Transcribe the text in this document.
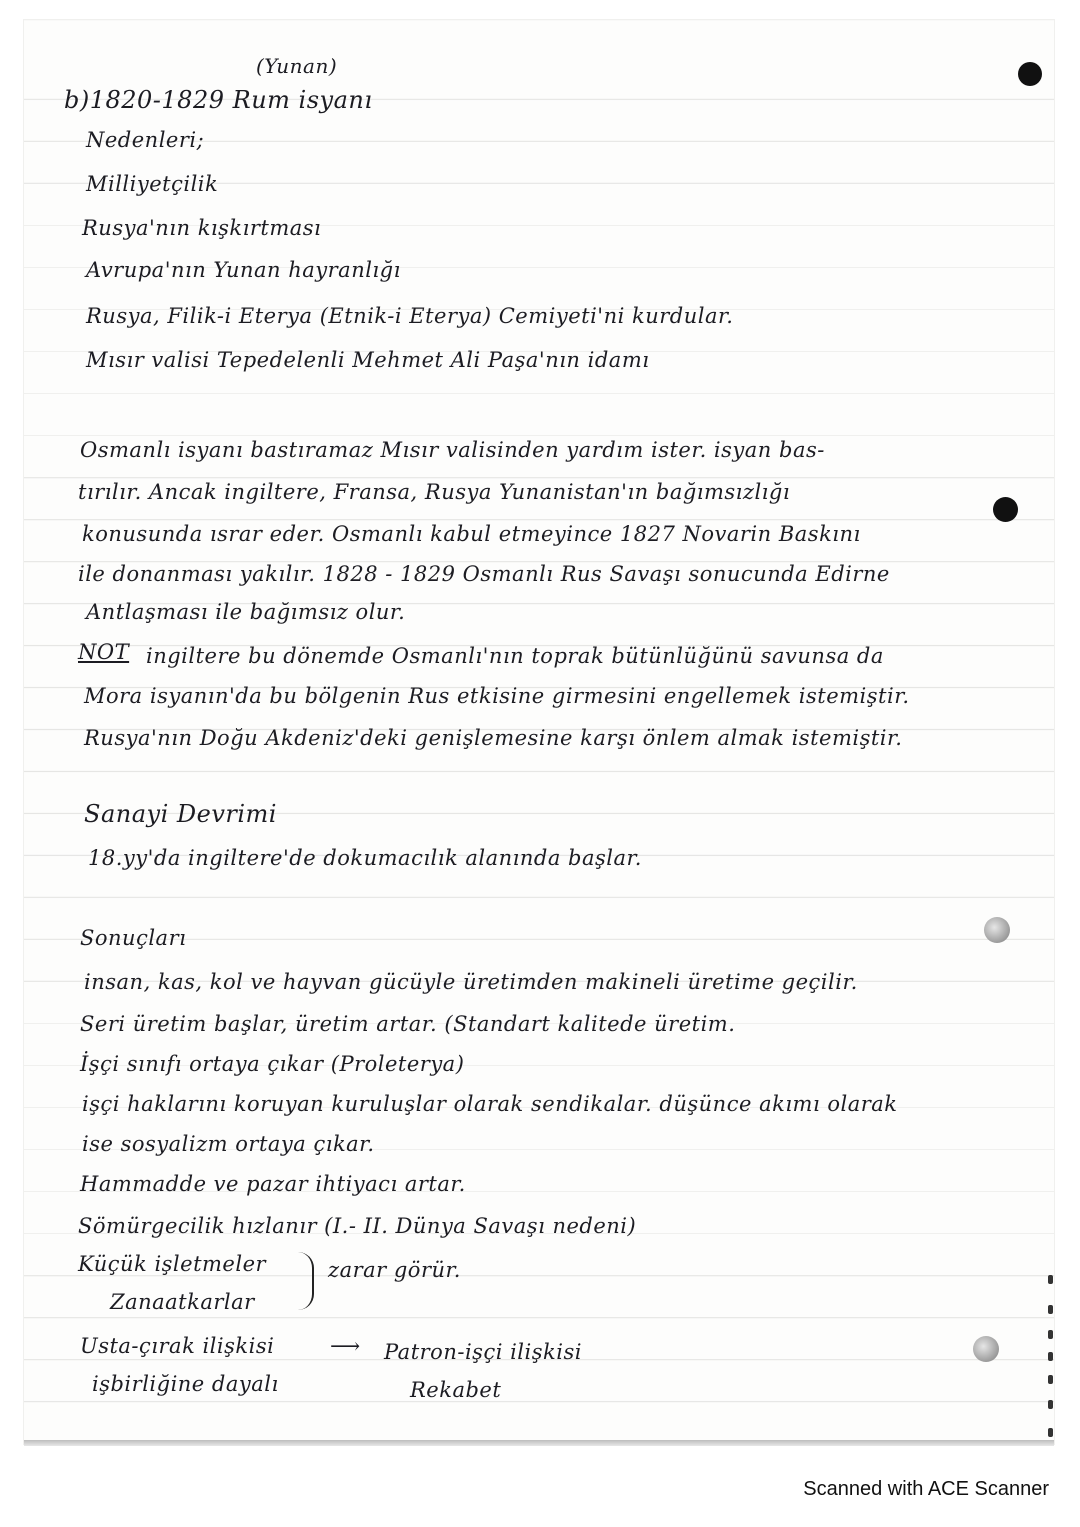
(Yunan)
b)1820-1829 Rum isyanı
Nedenleri;
Milliyetçilik
Rusya'nın kışkırtması
Avrupa'nın Yunan hayranlığı
Rusya, Filik-i Eterya (Etnik-i Eterya) Cemiyeti'ni kurdular.
Mısır valisi Tepedelenli Mehmet Ali Paşa'nın idamı
Osmanlı isyanı bastıramaz Mısır valisinden yardım ister. isyan bas-
tırılır. Ancak ingiltere, Fransa, Rusya Yunanistan'ın bağımsızlığı
konusunda ısrar eder. Osmanlı kabul etmeyince 1827 Novarin Baskını
ile donanması yakılır. 1828 - 1829 Osmanlı Rus Savaşı sonucunda Edirne
Antlaşması ile bağımsız olur.
NOT ingiltere bu dönemde Osmanlı'nın toprak bütünlüğünü savunsa da
Mora isyanın'da bu bölgenin Rus etkisine girmesini engellemek istemiştir.
Rusya'nın Doğu Akdeniz'deki genişlemesine karşı önlem almak istemiştir.
Sanayi Devrimi
18.yy'da ingiltere'de dokumacılık alanında başlar.
Sonuçları
insan, kas, kol ve hayvan gücüyle üretimden makineli üretime geçilir.
Seri üretim başlar, üretim artar. (Standart kalitede üretim.
İşçi sınıfı ortaya çıkar (Proleterya)
işçi haklarını koruyan kuruluşlar olarak sendikalar. düşünce akımı olarak
ise sosyalizm ortaya çıkar.
Hammadde ve pazar ihtiyacı artar.
Sömürgecilik hızlanır (I.- II. Dünya Savaşı nedeni)
Küçük işletmeler
Zanaatkarlar
zarar görür.
Usta-çırak ilişkisi	⟶ Patron-işçi ilişkisi
işbirliğine dayalı	Rekabet
Scanned with ACE Scanner
